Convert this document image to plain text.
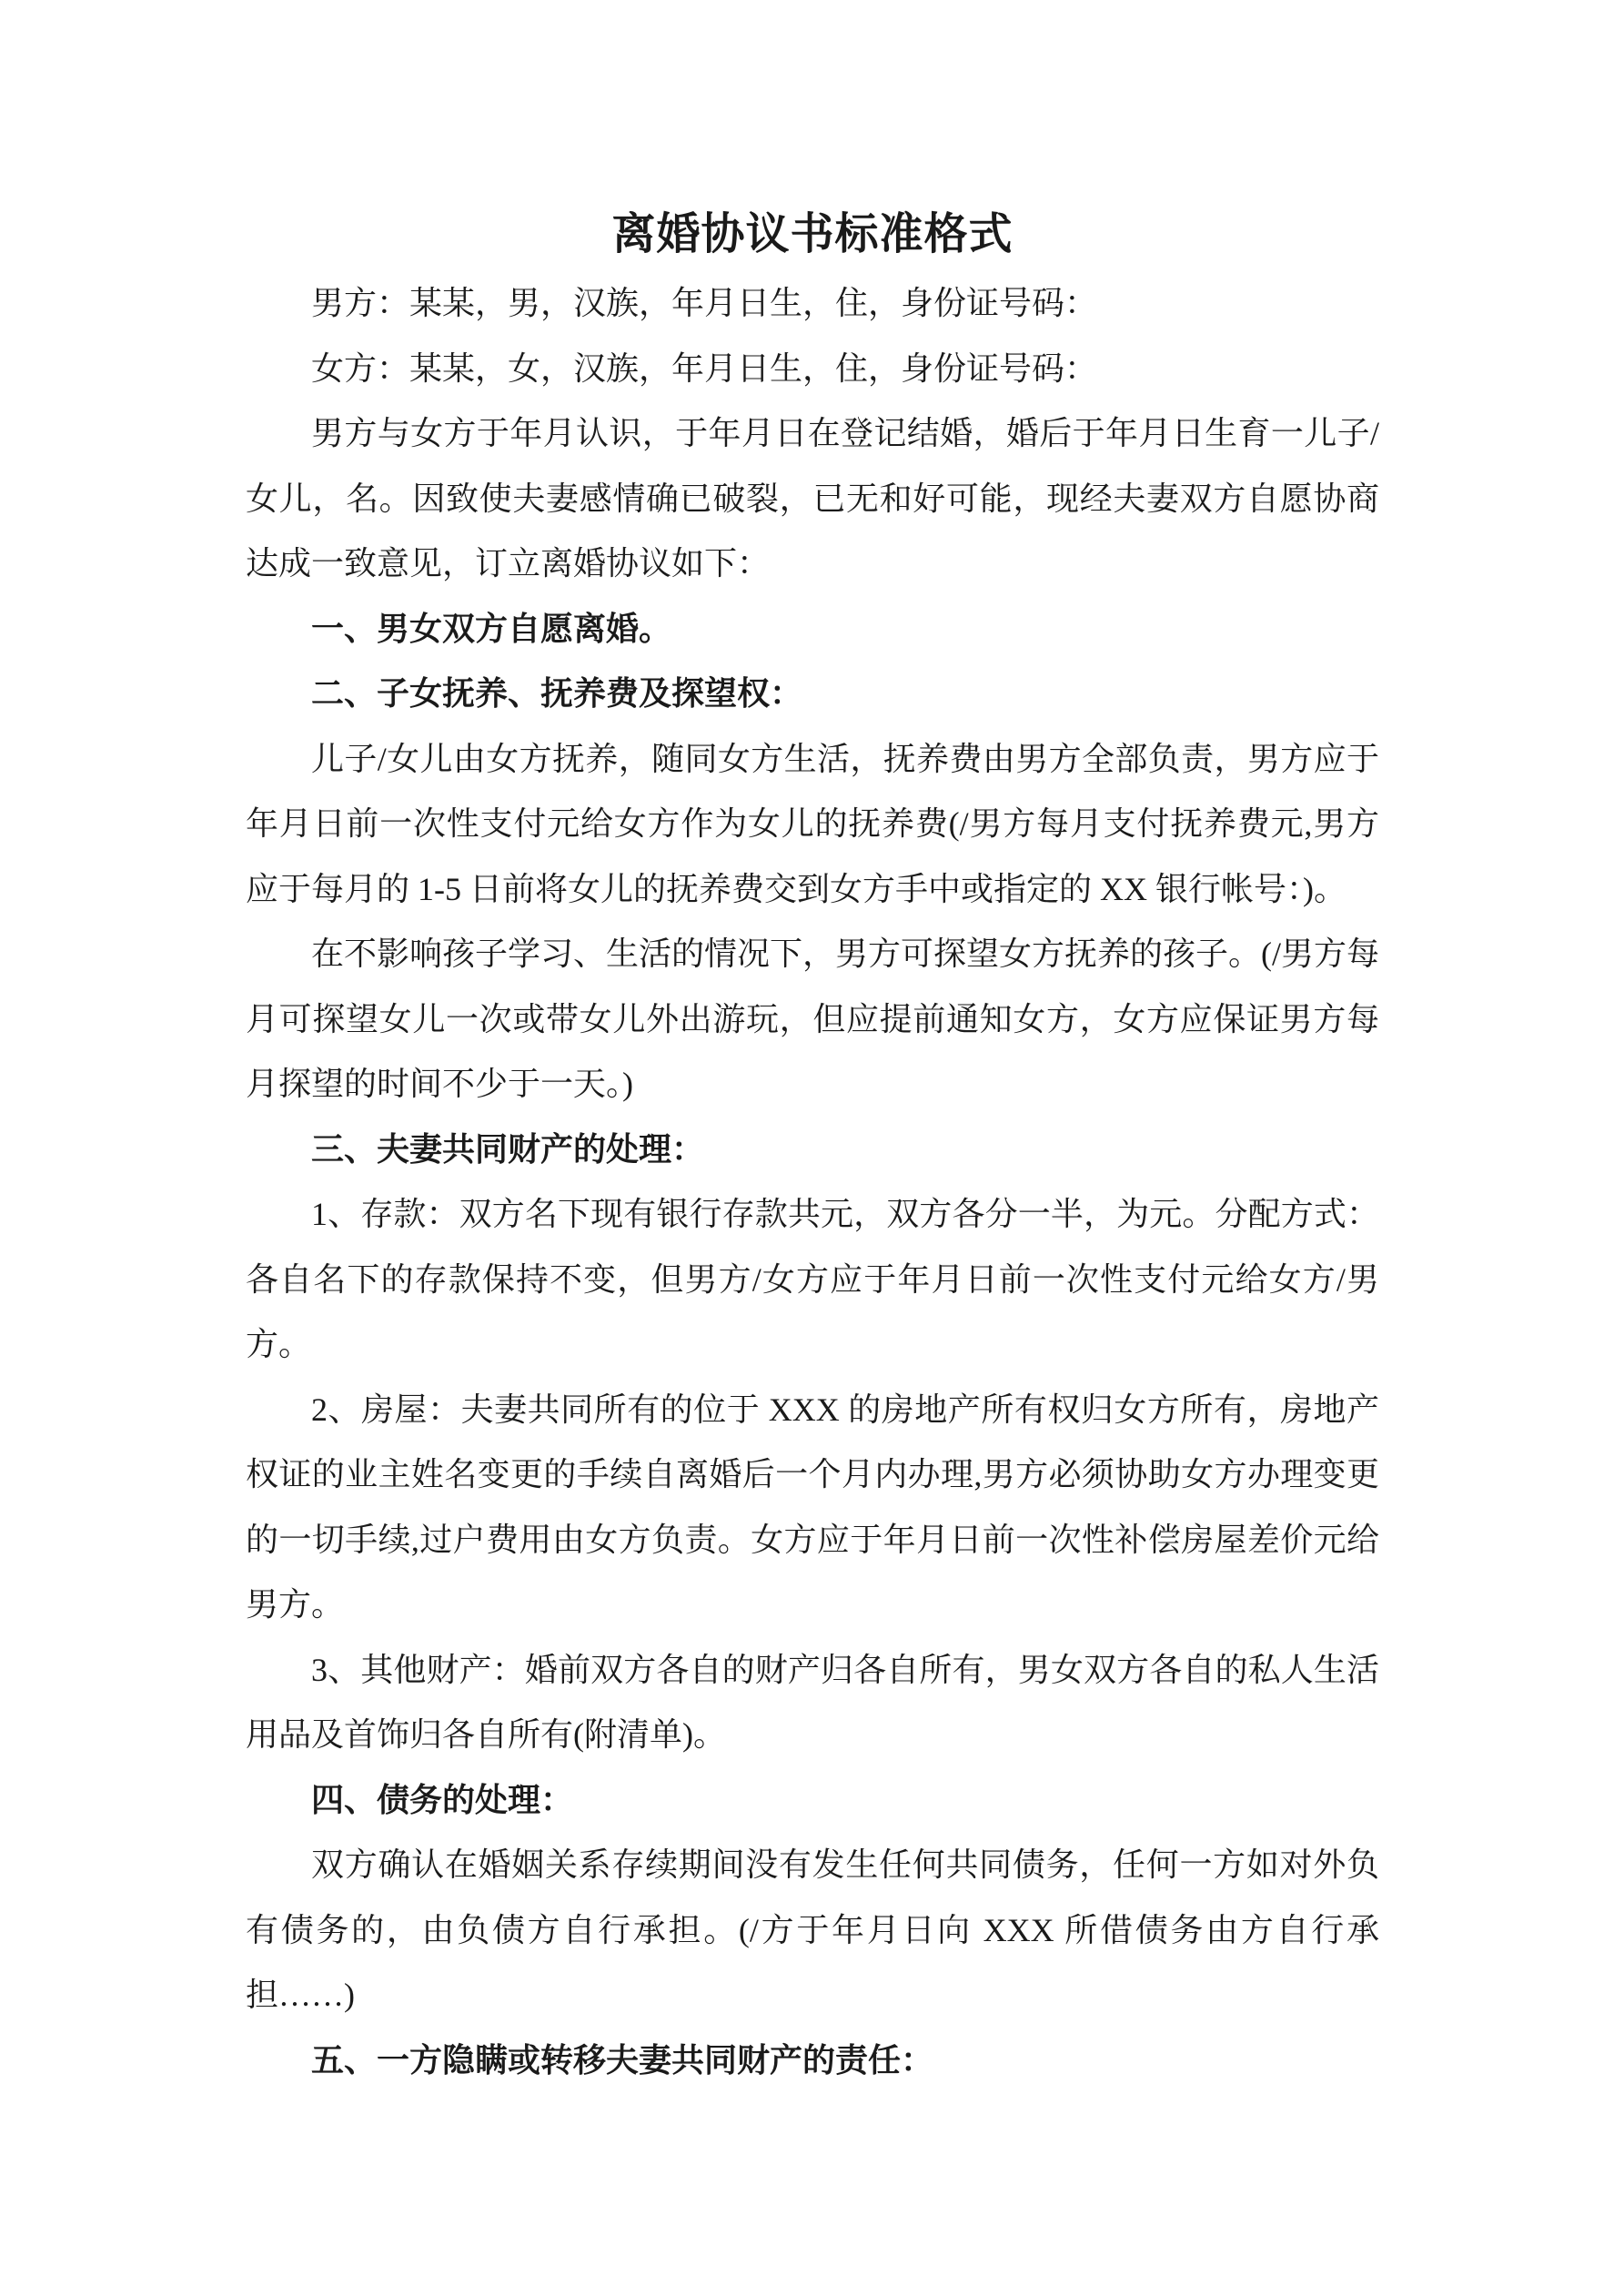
离婚协议书标准格式

男方：某某，男，汉族，年月日生，住，身份证号码：

女方：某某，女，汉族，年月日生，住，身份证号码：

男方与女方于年月认识，于年月日在登记结婚，婚后于年月日生育一儿子/女儿，名。因致使夫妻感情确已破裂，已无和好可能，现经夫妻双方自愿协商达成一致意见，订立离婚协议如下：

一、男女双方自愿离婚。

二、子女抚养、抚养费及探望权：

儿子/女儿由女方抚养，随同女方生活，抚养费由男方全部负责，男方应于年月日前一次性支付元给女方作为女儿的抚养费(/男方每月支付抚养费元,男方应于每月的 1-5 日前将女儿的抚养费交到女方手中或指定的 XX 银行帐号：)。

在不影响孩子学习、生活的情况下，男方可探望女方抚养的孩子。(/男方每月可探望女儿一次或带女儿外出游玩，但应提前通知女方，女方应保证男方每月探望的时间不少于一天。)

三、夫妻共同财产的处理：

1、存款：双方名下现有银行存款共元，双方各分一半，为元。分配方式：各自名下的存款保持不变，但男方/女方应于年月日前一次性支付元给女方/男方。

2、房屋：夫妻共同所有的位于 XXX 的房地产所有权归女方所有，房地产权证的业主姓名变更的手续自离婚后一个月内办理,男方必须协助女方办理变更的一切手续,过户费用由女方负责。女方应于年月日前一次性补偿房屋差价元给男方。

3、其他财产：婚前双方各自的财产归各自所有，男女双方各自的私人生活用品及首饰归各自所有(附清单)。

四、债务的处理：

双方确认在婚姻关系存续期间没有发生任何共同债务，任何一方如对外负有债务的，由负债方自行承担。(/方于年月日向 XXX 所借债务由方自行承担……)

五、一方隐瞒或转移夫妻共同财产的责任：
